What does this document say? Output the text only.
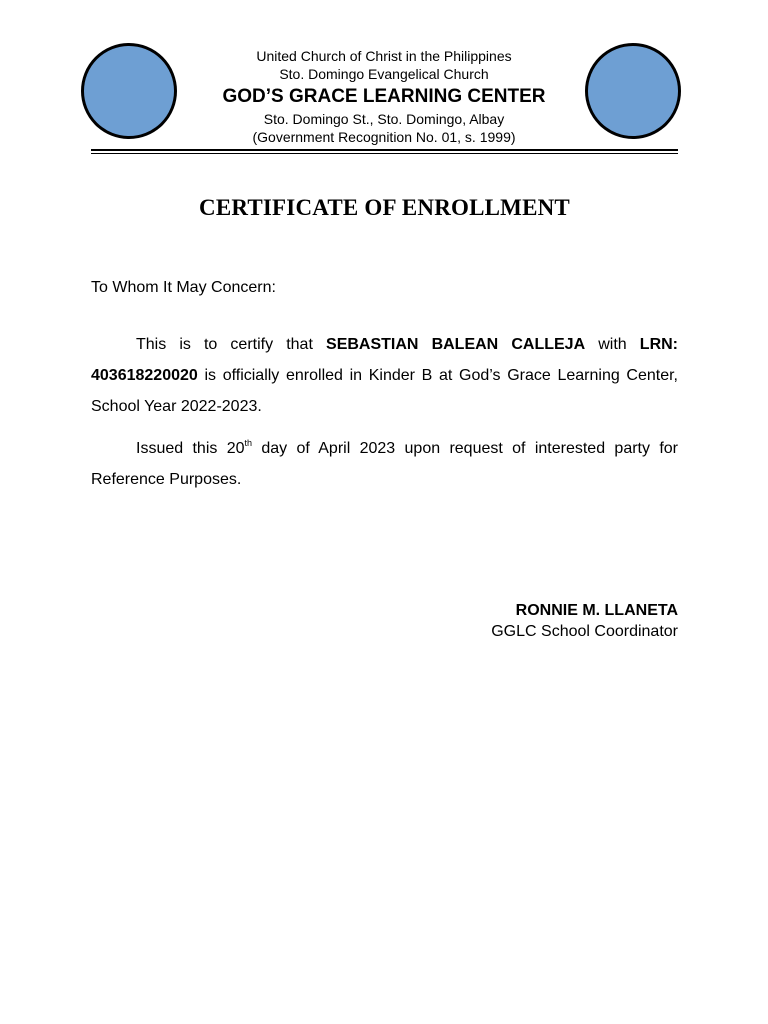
United Church of Christ in the Philippines
Sto. Domingo Evangelical Church
GOD’S GRACE LEARNING CENTER
Sto. Domingo St., Sto. Domingo, Albay
(Government Recognition No. 01, s. 1999)
CERTIFICATE OF ENROLLMENT
To Whom It May Concern:
This is to certify that SEBASTIAN BALEAN CALLEJA with LRN: 403618220020 is officially enrolled in Kinder B at God’s Grace Learning Center, School Year 2022-2023.
Issued this 20th day of April 2023 upon request of interested party for Reference Purposes.
RONNIE M. LLANETA
GGLC School Coordinator
